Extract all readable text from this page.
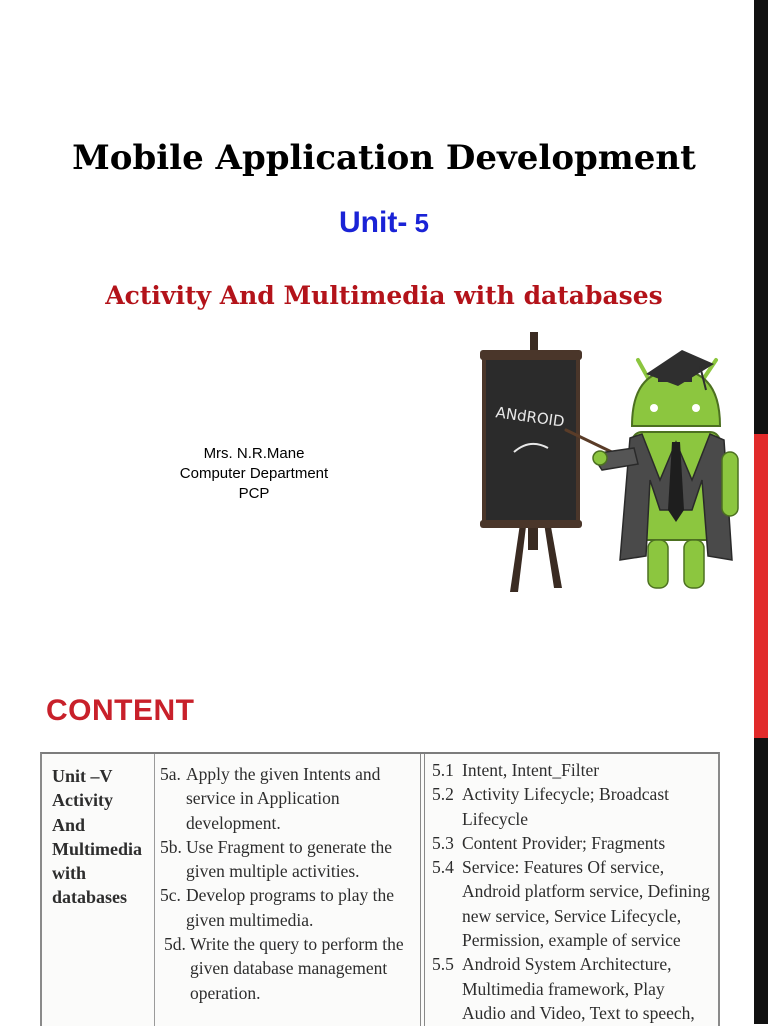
Mobile Application Development
Unit- 5
Activity And Multimedia with databases
Mrs. N.R.Mane
Computer Department
PCP
ANdROID
CONTENT
Unit –V
Activity
And
Multimedia
with
databases
5a. Apply the given Intents and
service in Application
development.
5b. Use Fragment to generate the
given multiple activities.
5c. Develop programs to play the
given multimedia.
5d. Write the query to perform the
given database management
operation.
5.1 Intent, Intent_Filter
5.2 Activity Lifecycle; Broadcast
Lifecycle
5.3 Content Provider; Fragments
5.4 Service: Features Of service,
Android platform service, Defining
new service, Service Lifecycle,
Permission, example of service
5.5 Android System Architecture,
Multimedia framework, Play
Audio and Video, Text to speech,
